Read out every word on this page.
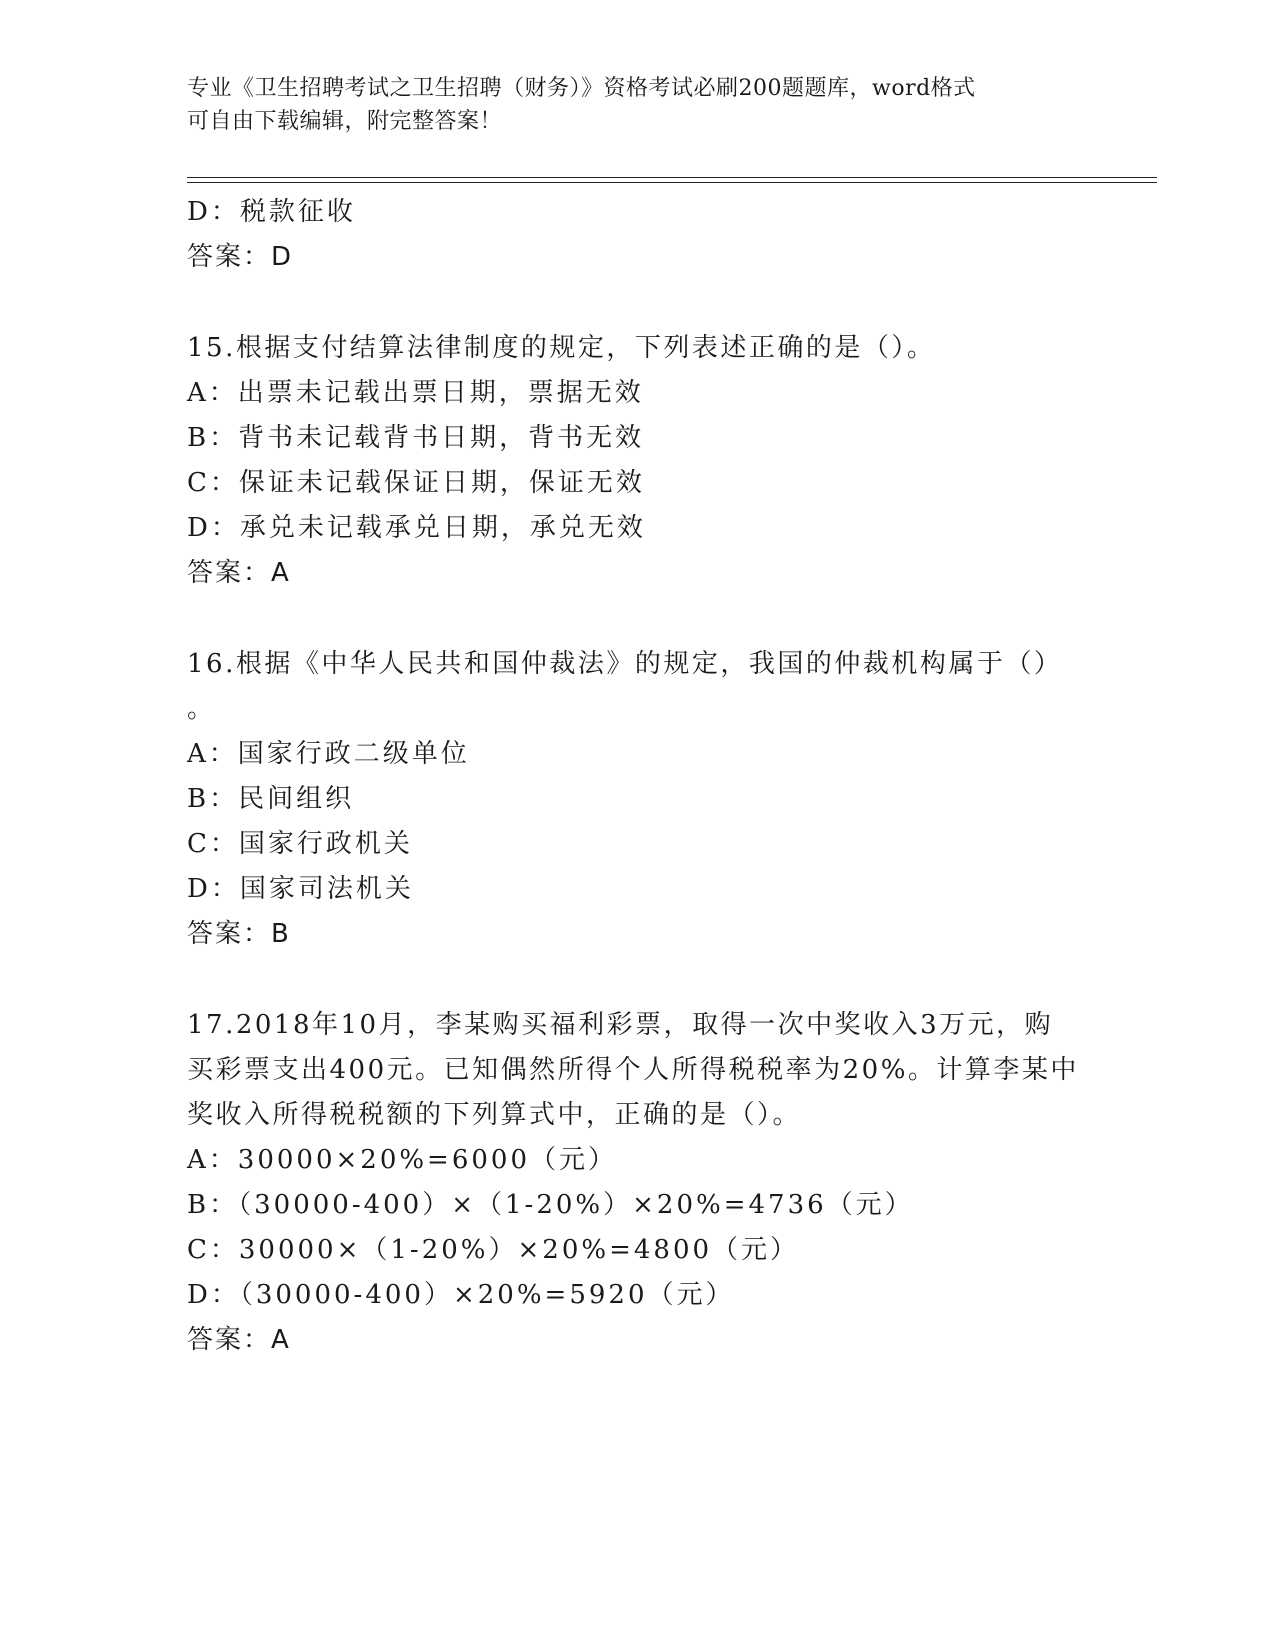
专业《卫生招聘考试之卫生招聘（财务）》资格考试必刷200题题库，word格式
可自由下载编辑，附完整答案！
D：税款征收
答案：D
15.根据支付结算法律制度的规定，下列表述正确的是（）。
A：出票未记载出票日期，票据无效
B：背书未记载背书日期，背书无效
C：保证未记载保证日期，保证无效
D：承兑未记载承兑日期，承兑无效
答案：A
16.根据《中华人民共和国仲裁法》的规定，我国的仲裁机构属于（）
。
A：国家行政二级单位
B：民间组织
C：国家行政机关
D：国家司法机关
答案：B
17.2018年10月，李某购买福利彩票，取得一次中奖收入3万元，购
买彩票支出400元。已知偶然所得个人所得税税率为20%。计算李某中
奖收入所得税税额的下列算式中，正确的是（）。
A：30000×20%=6000（元）
B：（30000-400）×（1-20%）×20%=4736（元）
C：30000×（1-20%）×20%=4800（元）
D：（30000-400）×20%=5920（元）
答案：A
